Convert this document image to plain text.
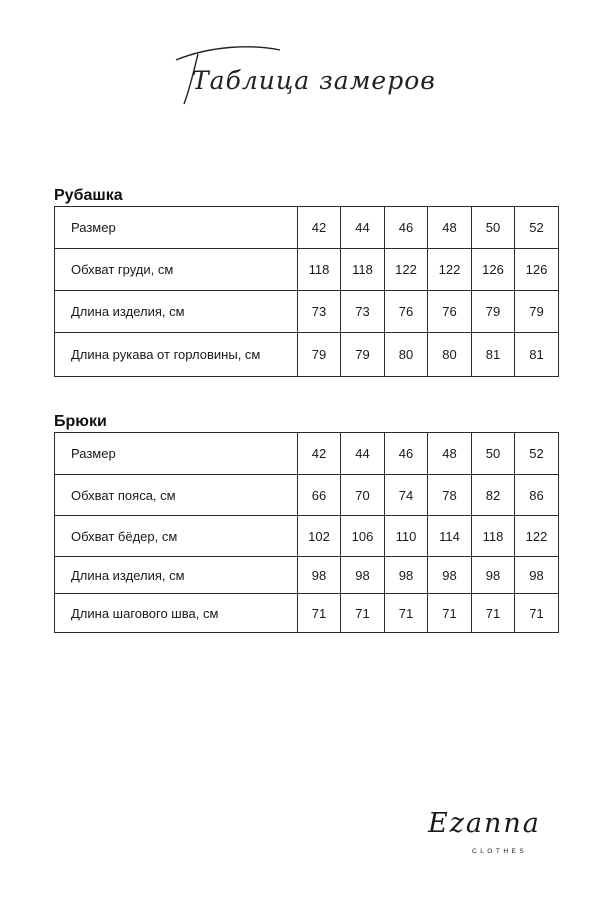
Таблица замеров
Рубашка
Размер	42	44	46	48	50	52
Обхват груди, см	118	118	122	122	126	126
Длина изделия, см	73	73	76	76	79	79
Длина рукава от горловины, см	79	79	80	80	81	81
Брюки
Размер	42	44	46	48	50	52
Обхват пояса, см	66	70	74	78	82	86
Обхват бёдер, см	102	106	110	114	118	122
Длина изделия, см	98	98	98	98	98	98
Длина шагового шва, см	71	71	71	71	71	71
Ezanna
CLOTHES
